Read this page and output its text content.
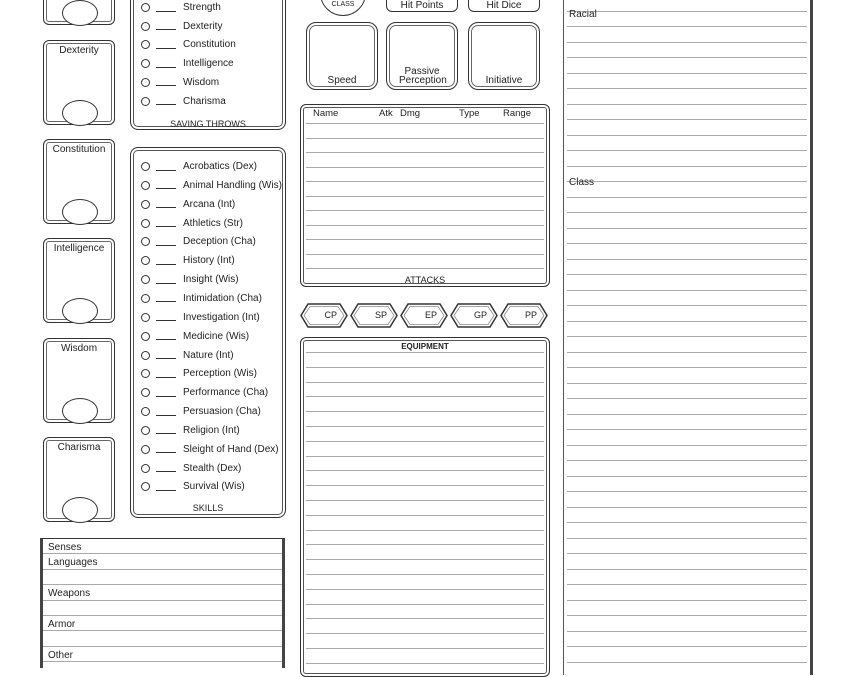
Dexterity
Constitution
Intelligence
Wisdom
Charisma
Strength
Dexterity
Constitution
Intelligence
Wisdom
Charisma
SAVING THROWS
Acrobatics (Dex)
Animal Handling (Wis)
Arcana (Int)
Athletics (Str)
Deception (Cha)
History (Int)
Insight (Wis)
Intimidation (Cha)
Investigation (Int)
Medicine (Wis)
Nature (Int)
Perception (Wis)
Performance (Cha)
Persuasion (Cha)
Religion (Int)
Sleight of Hand (Dex)
Stealth (Dex)
Survival (Wis)
SKILLS
Senses
Languages
Weapons
Armor
Other
CLASS	Hit Points	Hit Dice
Speed
Passive Perception	Initiative
Name	Atk Dmg	Type Range
ATTACKS
CP	SP	EP	GP	PP
EQUIPMENT
Racial
Class
